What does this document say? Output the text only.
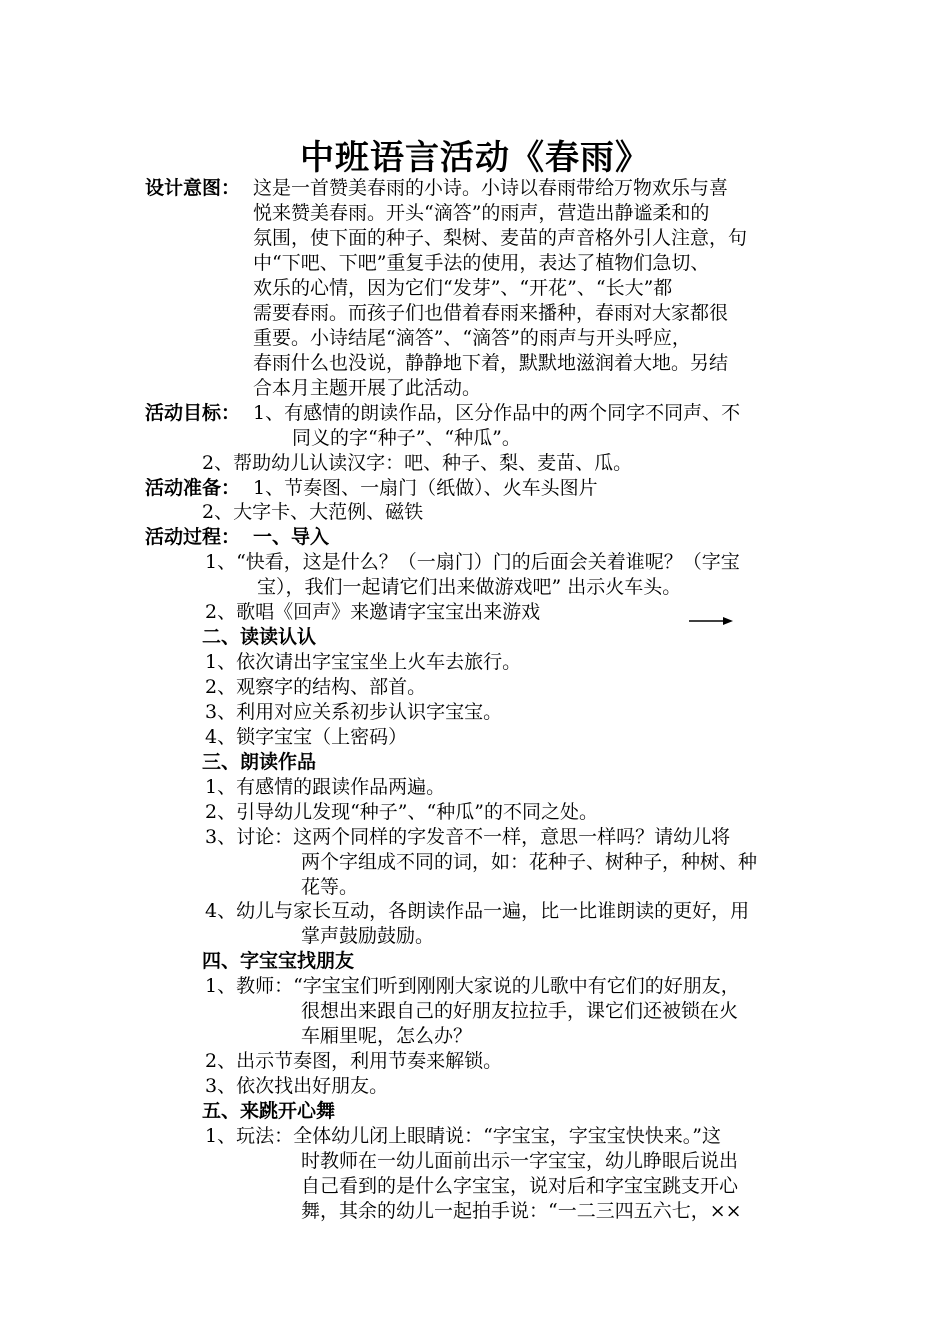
中班语言活动《春雨》
设计意图： 这是一首赞美春雨的小诗。小诗以春雨带给万物欢乐与喜
悦来赞美春雨。开头“滴答”的雨声，营造出静谧柔和的
氛围，使下面的种子、梨树、麦苗的声音格外引人注意，句
中“下吧、下吧”重复手法的使用，表达了植物们急切、
欢乐的心情，因为它们“发芽”、“开花”、“长大”都
需要春雨。而孩子们也借着春雨来播种，春雨对大家都很
重要。小诗结尾“滴答”、“滴答”的雨声与开头呼应，
春雨什么也没说，静静地下着，默默地滋润着大地。另结
合本月主题开展了此活动。
活动目标： 1、有感情的朗读作品，区分作品中的两个同字不同声、不
同义的字“种子”、“种瓜”。
2、帮助幼儿认读汉字：吧、种子、梨、麦苗、瓜。
活动准备： 1、节奏图、一扇门（纸做）、火车头图片
2、大字卡、大范例、磁铁
活动过程： 一、导入
1、“快看，这是什么？（一扇门）门的后面会关着谁呢？（字宝
宝），我们一起请它们出来做游戏吧” 出示火车头。
2、歌唱《回声》来邀请字宝宝出来游戏
二、读读认认
1、依次请出字宝宝坐上火车去旅行。
2、观察字的结构、部首。
3、利用对应关系初步认识字宝宝。
4、锁字宝宝（上密码）
三、朗读作品
1、有感情的跟读作品两遍。
2、引导幼儿发现“种子”、“种瓜”的不同之处。
3、讨论：这两个同样的字发音不一样，意思一样吗？请幼儿将
两个字组成不同的词，如：花种子、树种子，种树、种
花等。
4、幼儿与家长互动，各朗读作品一遍，比一比谁朗读的更好，用
掌声鼓励鼓励。
四、字宝宝找朋友
1、教师：“字宝宝们听到刚刚大家说的儿歌中有它们的好朋友，
很想出来跟自己的好朋友拉拉手，课它们还被锁在火
车厢里呢，怎么办？
2、出示节奏图，利用节奏来解锁。
3、依次找出好朋友。
五、来跳开心舞
1、玩法：全体幼儿闭上眼睛说：“字宝宝，字宝宝快快来。”这
时教师在一幼儿面前出示一字宝宝，幼儿睁眼后说出
自己看到的是什么字宝宝，说对后和字宝宝跳支开心
舞，其余的幼儿一起拍手说：“一二三四五六七，××
